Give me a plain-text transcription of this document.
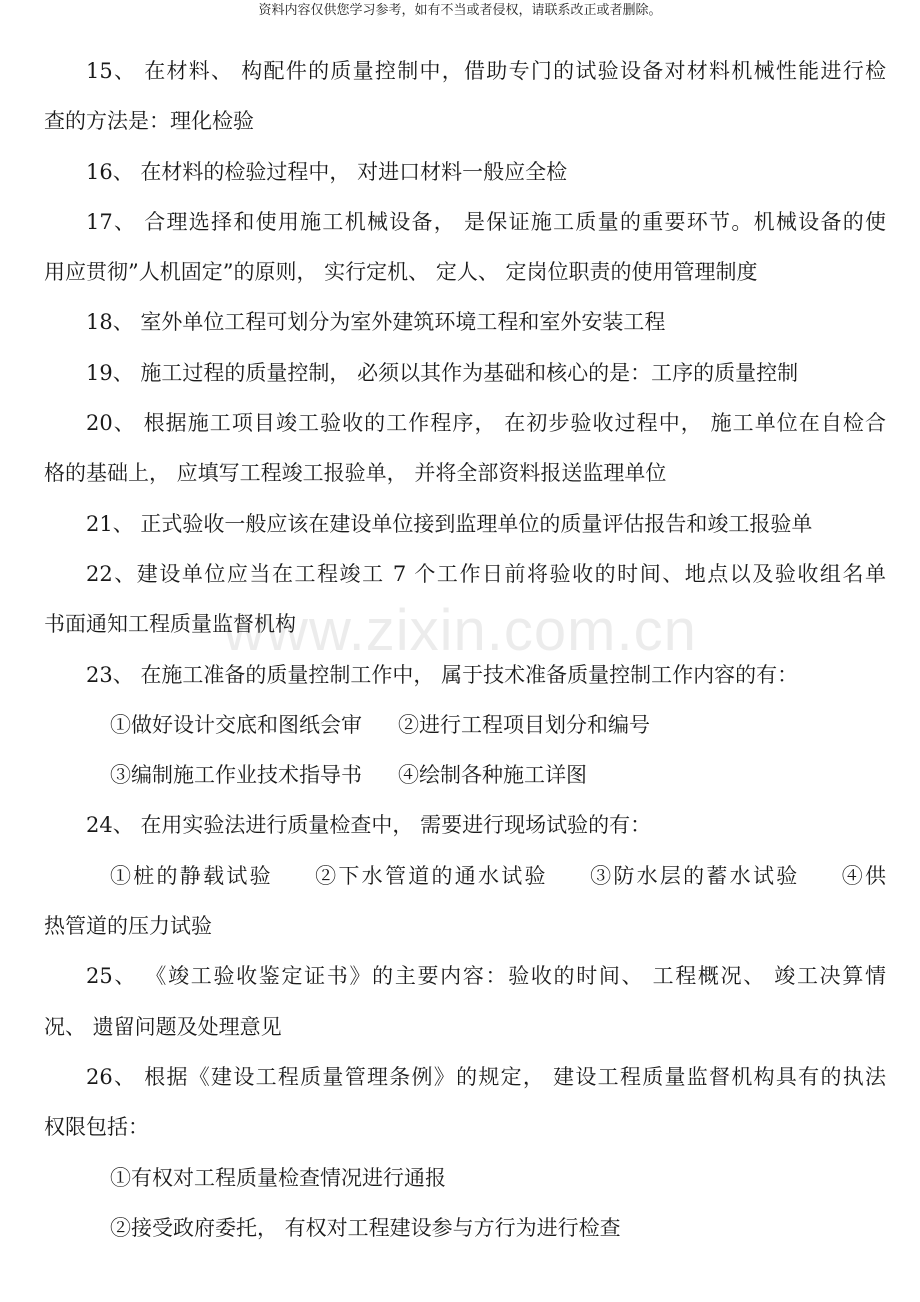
资料内容仅供您学习参考，如有不当或者侵权，请联系改正或者删除。
www.zixin.com.cn
15、 在材料、 构配件的质量控制中，借助专门的试验设备对材料机械性能进行检
查的方法是：理化检验
16、 在材料的检验过程中， 对进口材料一般应全检
17、 合理选择和使用施工机械设备， 是保证施工质量的重要环节。机械设备的使
用应贯彻”人机固定”的原则， 实行定机、 定人、 定岗位职责的使用管理制度
18、 室外单位工程可划分为室外建筑环境工程和室外安装工程
19、 施工过程的质量控制， 必须以其作为基础和核心的是：工序的质量控制
20、 根据施工项目竣工验收的工作程序， 在初步验收过程中， 施工单位在自检合
格的基础上， 应填写工程竣工报验单， 并将全部资料报送监理单位
21、 正式验收一般应该在建设单位接到监理单位的质量评估报告和竣工报验单
22、建设单位应当在工程竣工 7 个工作日前将验收的时间、地点以及验收组名单
书面通知工程质量监督机构
23、 在施工准备的质量控制工作中， 属于技术准备质量控制工作内容的有：
①做好设计交底和图纸会审 ②进行工程项目划分和编号
③编制施工作业技术指导书 ④绘制各种施工详图
24、 在用实验法进行质量检查中， 需要进行现场试验的有：
①桩的静载试验 ②下水管道的通水试验 ③防水层的蓄水试验 ④供
热管道的压力试验
25、 《竣工验收鉴定证书》的主要内容：验收的时间、 工程概况、 竣工决算情
况、 遗留问题及处理意见
26、 根据《建设工程质量管理条例》的规定， 建设工程质量监督机构具有的执法
权限包括：
①有权对工程质量检查情况进行通报
②接受政府委托， 有权对工程建设参与方行为进行检查
